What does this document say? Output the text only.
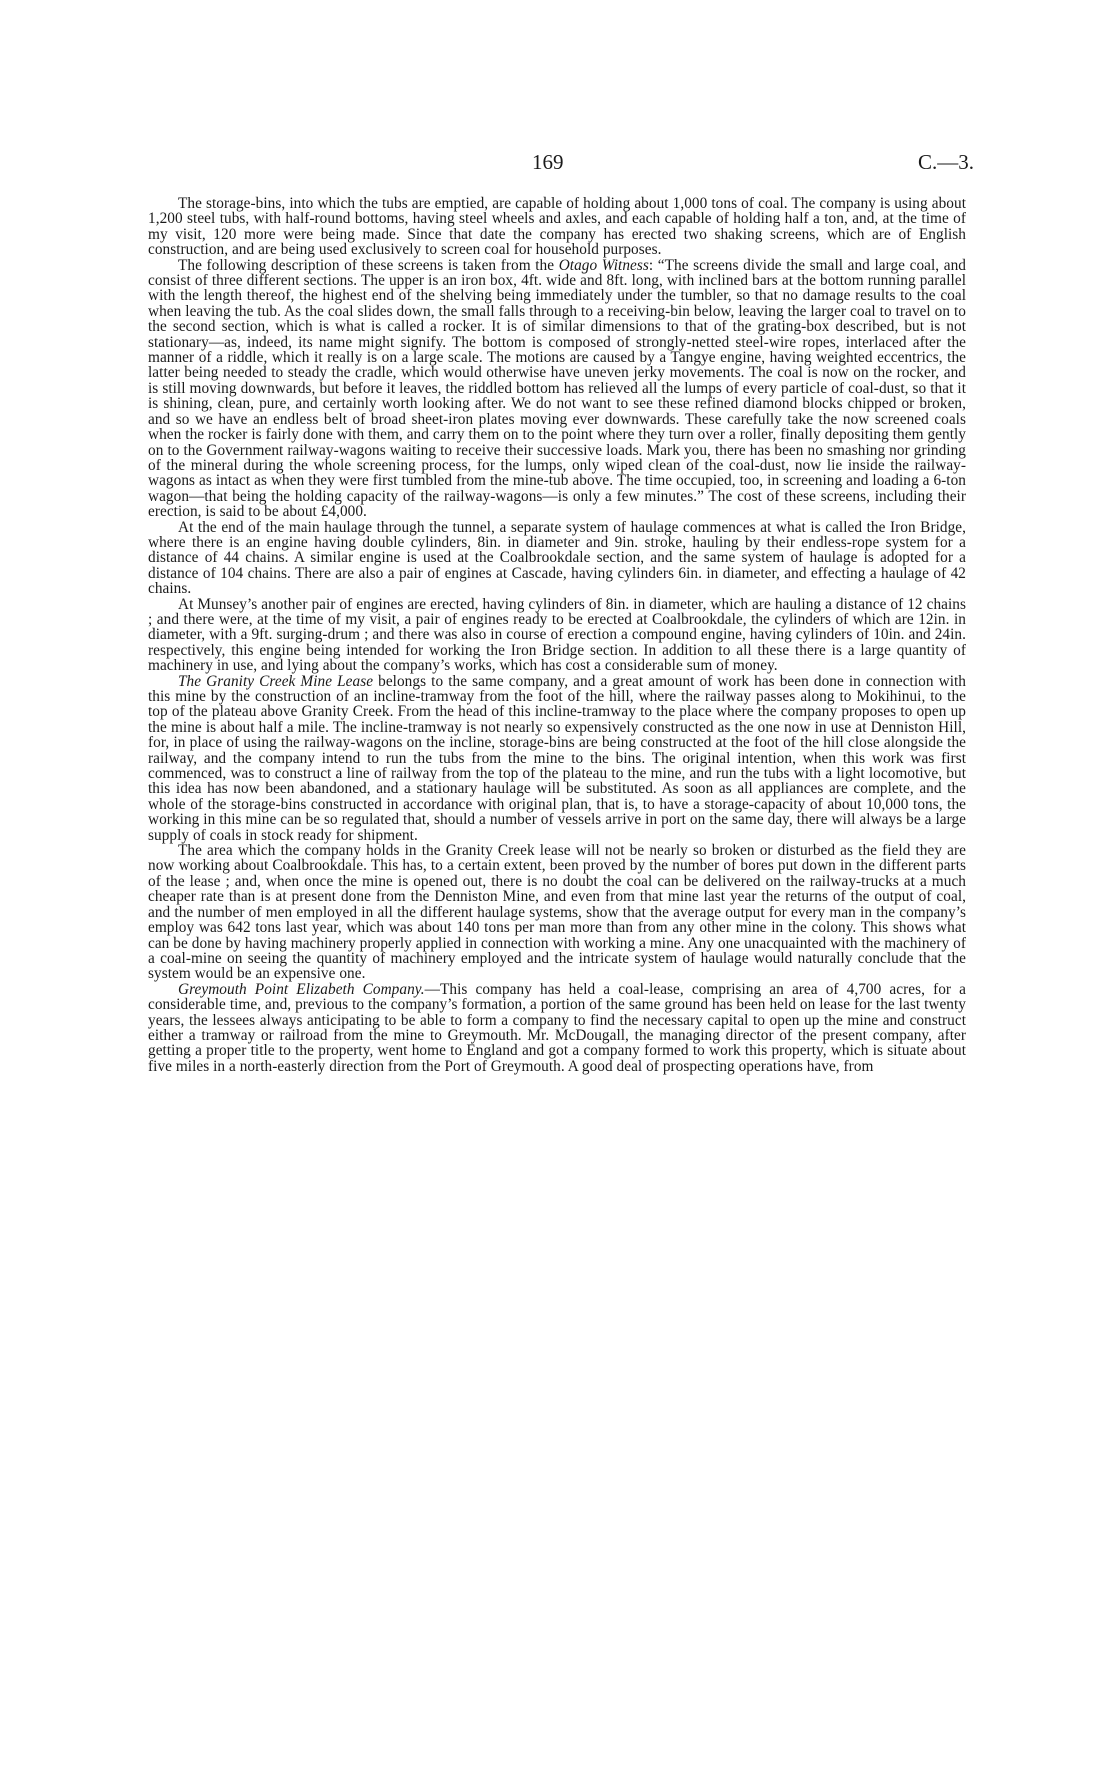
169	C.—3.

The storage-bins, into which the tubs are emptied, are capable of holding about 1,000 tons of coal. The company is using about 1,200 steel tubs, with half-round bottoms, having steel wheels and axles, and each capable of holding half a ton, and, at the time of my visit, 120 more were being made. Since that date the company has erected two shaking screens, which are of English construction, and are being used exclusively to screen coal for household purposes.

The following description of these screens is taken from the Otago Witness: “The screens divide the small and large coal, and consist of three different sections. The upper is an iron box, 4ft. wide and 8ft. long, with inclined bars at the bottom running parallel with the length thereof, the highest end of the shelving being immediately under the tumbler, so that no damage results to the coal when leaving the tub. As the coal slides down, the small falls through to a receiving-bin below, leaving the larger coal to travel on to the second section, which is what is called a rocker. It is of similar dimensions to that of the grating-box described, but is not stationary—as, indeed, its name might signify. The bottom is composed of strongly-netted steel-wire ropes, interlaced after the manner of a riddle, which it really is on a large scale. The motions are caused by a Tangye engine, having weighted eccentrics, the latter being needed to steady the cradle, which would otherwise have uneven jerky movements. The coal is now on the rocker, and is still moving downwards, but before it leaves, the riddled bottom has relieved all the lumps of every particle of coal-dust, so that it is shining, clean, pure, and certainly worth looking after. We do not want to see these refined diamond blocks chipped or broken, and so we have an endless belt of broad sheet-iron plates moving ever downwards. These carefully take the now screened coals when the rocker is fairly done with them, and carry them on to the point where they turn over a roller, finally depositing them gently on to the Government railway-wagons waiting to receive their successive loads. Mark you, there has been no smashing nor grinding of the mineral during the whole screening process, for the lumps, only wiped clean of the coal-dust, now lie inside the railway-wagons as intact as when they were first tumbled from the mine-tub above. The time occupied, too, in screening and loading a 6-ton wagon—that being the holding capacity of the railway-wagons—is only a few minutes.” The cost of these screens, including their erection, is said to be about £4,000.

At the end of the main haulage through the tunnel, a separate system of haulage commences at what is called the Iron Bridge, where there is an engine having double cylinders, 8in. in diameter and 9in. stroke, hauling by their endless-rope system for a distance of 44 chains. A similar engine is used at the Coalbrookdale section, and the same system of haulage is adopted for a distance of 104 chains. There are also a pair of engines at Cascade, having cylinders 6in. in diameter, and effecting a haulage of 42 chains.

At Munsey’s another pair of engines are erected, having cylinders of 8in. in diameter, which are hauling a distance of 12 chains ; and there were, at the time of my visit, a pair of engines ready to be erected at Coalbrookdale, the cylinders of which are 12in. in diameter, with a 9ft. surging-drum ; and there was also in course of erection a compound engine, having cylinders of 10in. and 24in. respectively, this engine being intended for working the Iron Bridge section. In addition to all these there is a large quantity of machinery in use, and lying about the company’s works, which has cost a considerable sum of money.

The Granity Creek Mine Lease belongs to the same company, and a great amount of work has been done in connection with this mine by the construction of an incline-tramway from the foot of the hill, where the railway passes along to Mokihinui, to the top of the plateau above Granity Creek. From the head of this incline-tramway to the place where the company proposes to open up the mine is about half a mile. The incline-tramway is not nearly so expensively constructed as the one now in use at Denniston Hill, for, in place of using the railway-wagons on the incline, storage-bins are being constructed at the foot of the hill close alongside the railway, and the company intend to run the tubs from the mine to the bins. The original intention, when this work was first commenced, was to construct a line of railway from the top of the plateau to the mine, and run the tubs with a light locomotive, but this idea has now been abandoned, and a stationary haulage will be substituted. As soon as all appliances are complete, and the whole of the storage-bins constructed in accordance with original plan, that is, to have a storage-capacity of about 10,000 tons, the working in this mine can be so regulated that, should a number of vessels arrive in port on the same day, there will always be a large supply of coals in stock ready for shipment.

The area which the company holds in the Granity Creek lease will not be nearly so broken or disturbed as the field they are now working about Coalbrookdale. This has, to a certain extent, been proved by the number of bores put down in the different parts of the lease ; and, when once the mine is opened out, there is no doubt the coal can be delivered on the railway-trucks at a much cheaper rate than is at present done from the Denniston Mine, and even from that mine last year the returns of the output of coal, and the number of men employed in all the different haulage systems, show that the average output for every man in the company’s employ was 642 tons last year, which was about 140 tons per man more than from any other mine in the colony. This shows what can be done by having machinery properly applied in connection with working a mine. Any one unacquainted with the machinery of a coal-mine on seeing the quantity of machinery employed and the intricate system of haulage would naturally conclude that the system would be an expensive one.

Greymouth Point Elizabeth Company.—This company has held a coal-lease, comprising an area of 4,700 acres, for a considerable time, and, previous to the company’s formation, a portion of the same ground has been held on lease for the last twenty years, the lessees always anticipating to be able to form a company to find the necessary capital to open up the mine and construct either a tramway or railroad from the mine to Greymouth. Mr. McDougall, the managing director of the present company, after getting a proper title to the property, went home to England and got a company formed to work this property, which is situate about five miles in a north-easterly direction from the Port of Greymouth. A good deal of prospecting operations have, from
